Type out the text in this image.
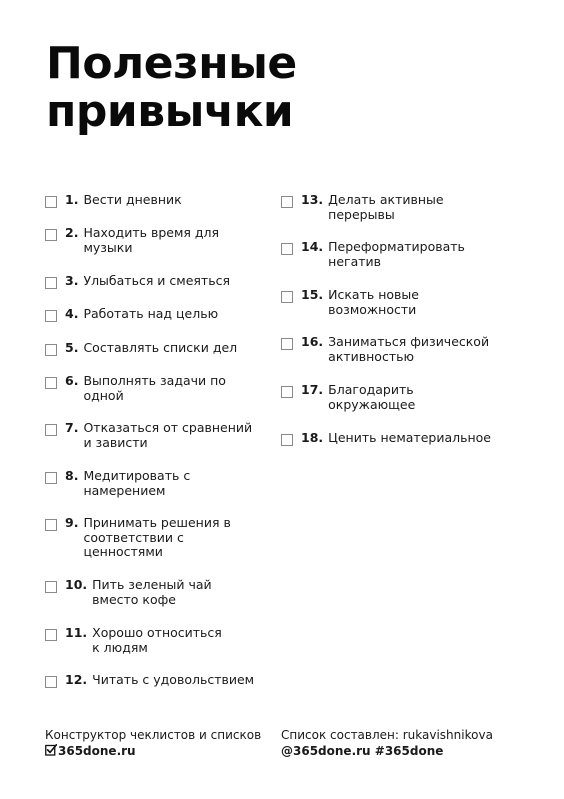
Полезные
привычки
1. Вести дневник
2. Находить время для музыки
3. Улыбаться и смеяться
4. Работать над целью
5. Составлять списки дел
6. Выполнять задачи по одной
7. Отказаться от сравнений и зависти
8. Медитировать с намерением
9. Принимать решения в соответствии с ценностями
10. Пить зеленый чай вместо кофе
11. Хорошо относиться к людям
12. Читать с удовольствием
13. Делать активные перерывы
14. Переформатировать негатив
15. Искать новые возможности
16. Заниматься физической активностью
17. Благодарить окружающее
18. Ценить нематериальное
Конструктор чеклистов и списков
365done.ru
Список составлен: rukavishnikova
@365done.ru #365done
